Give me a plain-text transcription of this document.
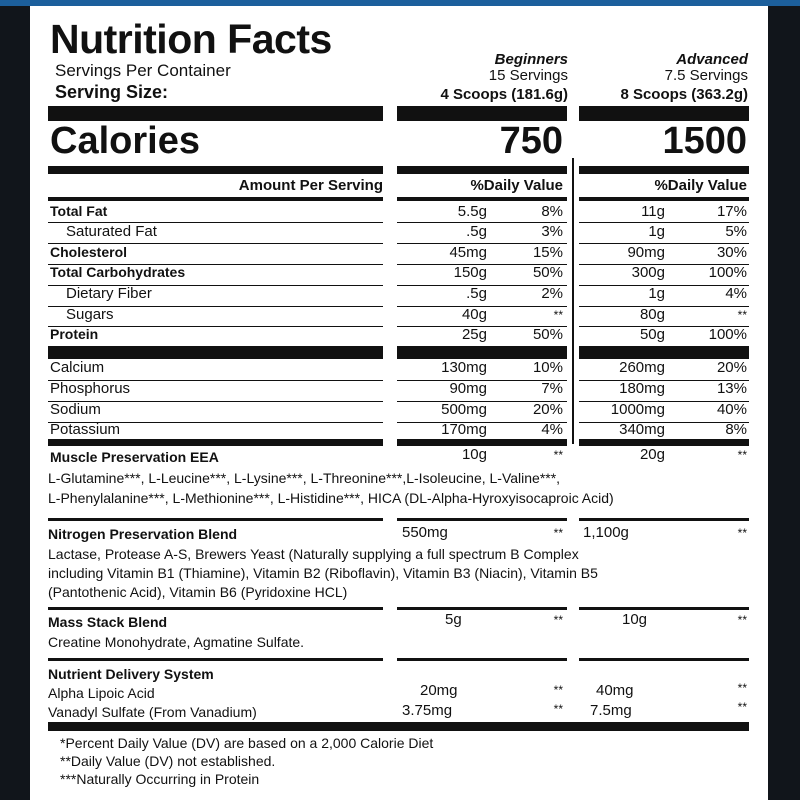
Nutrition Facts
Servings Per Container
Serving Size:
Beginners
15 Servings
4 Scoops (181.6g)
Advanced
7.5 Servings
8 Scoops (363.2g)
Calories	750	1500
Amount Per Serving	%Daily Value	%Daily Value
Total Fat	5.5g	8%	11g	17%
Saturated Fat	.5g	3%	1g	5%
Cholesterol	45mg	15%	90mg	30%
Total Carbohydrates	150g	50%	300g	100%
Dietary Fiber	.5g	2%	1g	4%
Sugars	40g	**	80g	**
Protein	25g	50%	50g	100%
Calcium	130mg	10%	260mg	20%
Phosphorus	90mg	7%	180mg	13%
Sodium	500mg	20%	1000mg	40%
Potassium	170mg	4%	340mg	8%
Muscle Preservation EEA	10g	**	20g	**
L-Glutamine***, L-Leucine***, L-Lysine***, L-Threonine***,L-Isoleucine, L-Valine***,
L-Phenylalanine***, L-Methionine***, L-Histidine***, HICA (DL-Alpha-Hyroxyisocaproic Acid)
Nitrogen Preservation Blend	550mg	** 1,100g	**
Lactase, Protease A-S, Brewers Yeast (Naturally supplying a full spectrum B Complex
including Vitamin B1 (Thiamine), Vitamin B2 (Riboflavin), Vitamin B3 (Niacin), Vitamin B5
(Pantothenic Acid), Vitamin B6 (Pyridoxine HCL)
Mass Stack Blend	5g	**	10g	**
Creatine Monohydrate, Agmatine Sulfate.
Nutrient Delivery System
Alpha Lipoic Acid	20mg	** 40mg	**
Vanadyl Sulfate (From Vanadium)	3.75mg	** 7.5mg	**
*Percent Daily Value (DV) are based on a 2,000 Calorie Diet
**Daily Value (DV) not established.
***Naturally Occurring in Protein
